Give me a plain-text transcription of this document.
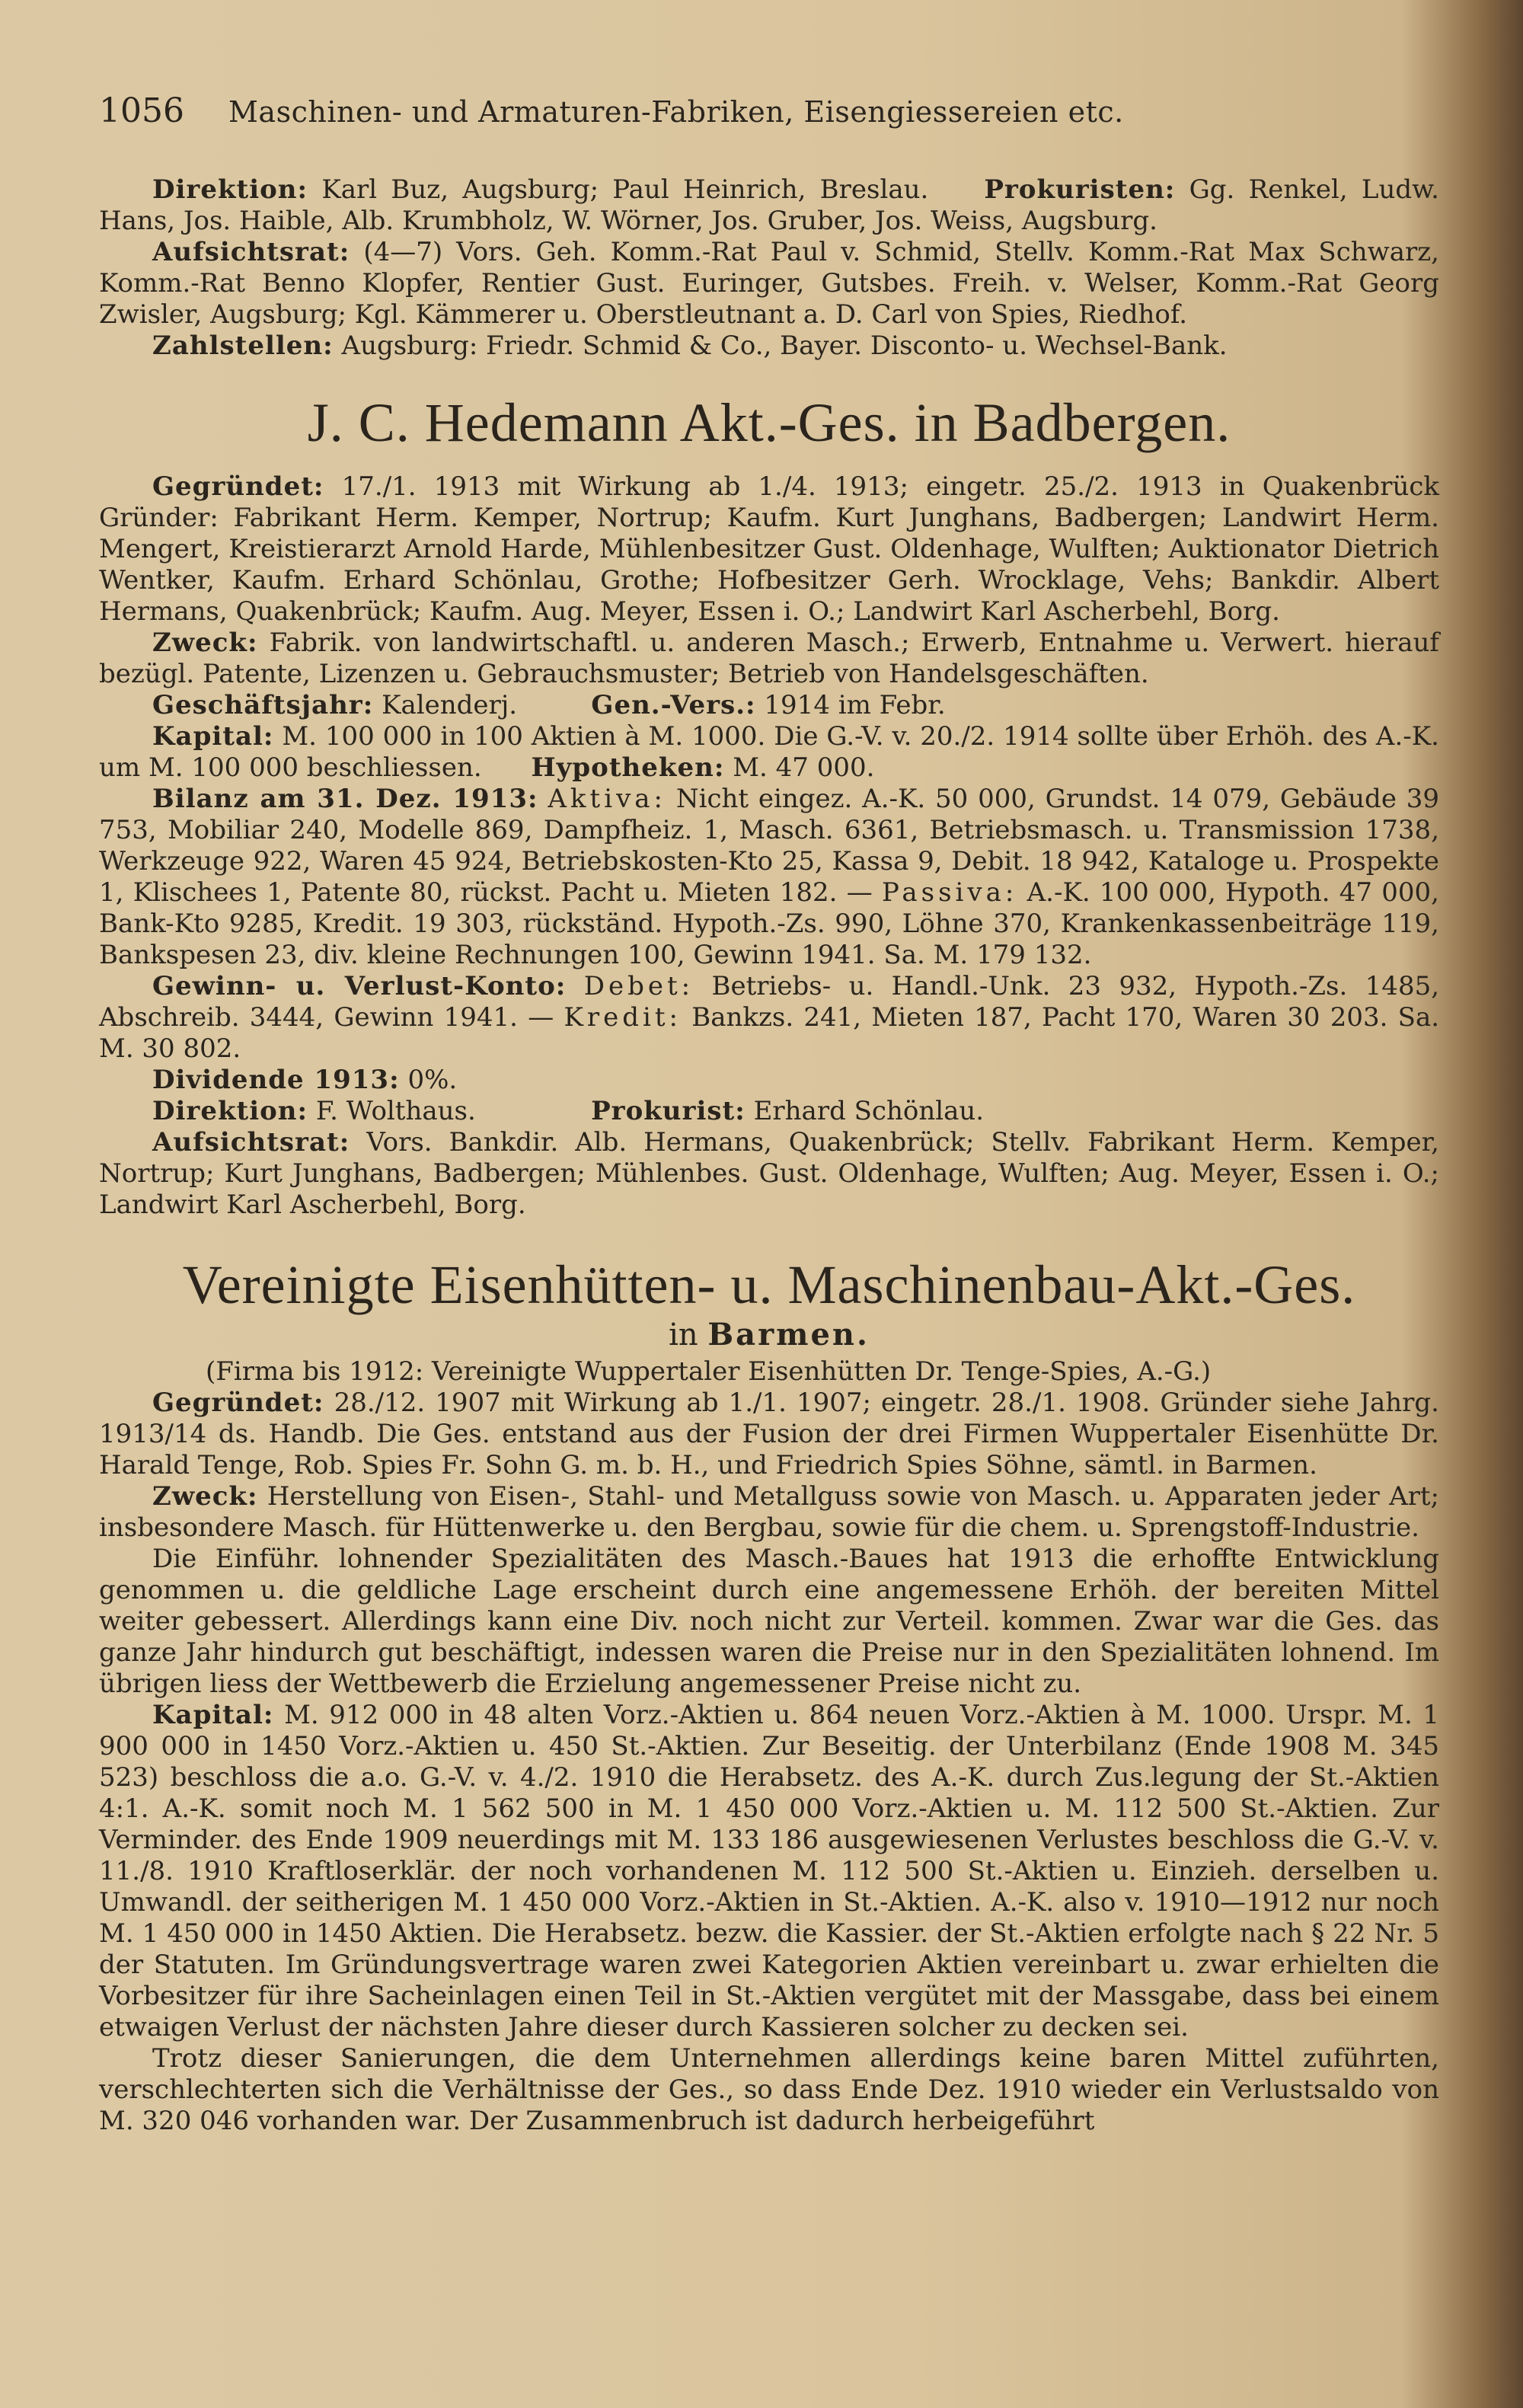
1056	Maschinen- und Armaturen-Fabriken, Eisengiessereien etc.

Direktion: Karl Buz, Augsburg; Paul Heinrich, Breslau. Prokuristen: Gg. Renkel, Ludw. Hans, Jos. Haible, Alb. Krumbholz, W. Wörner, Jos. Gruber, Jos. Weiss, Augsburg.

Aufsichtsrat: (4—7) Vors. Geh. Komm.-Rat Paul v. Schmid, Stellv. Komm.-Rat Max Schwarz, Komm.-Rat Benno Klopfer, Rentier Gust. Euringer, Gutsbes. Freih. v. Welser, Komm.-Rat Georg Zwisler, Augsburg; Kgl. Kämmerer u. Oberstleutnant a. D. Carl von Spies, Riedhof.

Zahlstellen: Augsburg: Friedr. Schmid & Co., Bayer. Disconto- u. Wechsel-Bank.

J. C. Hedemann Akt.-Ges. in Badbergen.

Gegründet: 17./1. 1913 mit Wirkung ab 1./4. 1913; eingetr. 25./2. 1913 in Quakenbrück Gründer: Fabrikant Herm. Kemper, Nortrup; Kaufm. Kurt Junghans, Badbergen; Landwirt Herm. Mengert, Kreistierarzt Arnold Harde, Mühlenbesitzer Gust. Oldenhage, Wulften; Auktionator Dietrich Wentker, Kaufm. Erhard Schönlau, Grothe; Hofbesitzer Gerh. Wrocklage, Vehs; Bankdir. Albert Hermans, Quakenbrück; Kaufm. Aug. Meyer, Essen i. O.; Landwirt Karl Ascherbehl, Borg.

Zweck: Fabrik. von landwirtschaftl. u. anderen Masch.; Erwerb, Entnahme u. Verwert. hierauf bezügl. Patente, Lizenzen u. Gebrauchsmuster; Betrieb von Handelsgeschäften.

Geschäftsjahr: Kalenderj.	Gen.-Vers.: 1914 im Febr.

Kapital: M. 100 000 in 100 Aktien à M. 1000. Die G.-V. v. 20./2. 1914 sollte über Erhöh. des A.-K. um M. 100 000 beschliessen. Hypotheken: M. 47 000.

Bilanz am 31. Dez. 1913: Aktiva: Nicht eingez. A.-K. 50 000, Grundst. 14 079, Gebäude 39 753, Mobiliar 240, Modelle 869, Dampfheiz. 1, Masch. 6361, Betriebsmasch. u. Transmission 1738, Werkzeuge 922, Waren 45 924, Betriebskosten-Kto 25, Kassa 9, Debit. 18 942, Kataloge u. Prospekte 1, Klischees 1, Patente 80, rückst. Pacht u. Mieten 182. — Passiva: A.-K. 100 000, Hypoth. 47 000, Bank-Kto 9285, Kredit. 19 303, rückständ. Hypoth.-Zs. 990, Löhne 370, Krankenkassenbeiträge 119, Bankspesen 23, div. kleine Rechnungen 100, Gewinn 1941. Sa. M. 179 132.

Gewinn- u. Verlust-Konto: Debet: Betriebs- u. Handl.-Unk. 23 932, Hypoth.-Zs. 1485, Abschreib. 3444, Gewinn 1941. — Kredit: Bankzs. 241, Mieten 187, Pacht 170, Waren 30 203. Sa. M. 30 802.

Dividende 1913: 0%.

Direktion: F. Wolthaus.	Prokurist: Erhard Schönlau.

Aufsichtsrat: Vors. Bankdir. Alb. Hermans, Quakenbrück; Stellv. Fabrikant Herm. Kemper, Nortrup; Kurt Junghans, Badbergen; Mühlenbes. Gust. Oldenhage, Wulften; Aug. Meyer, Essen i. O.; Landwirt Karl Ascherbehl, Borg.

Vereinigte Eisenhütten- u. Maschinenbau-Akt.-Ges.
in Barmen.

(Firma bis 1912: Vereinigte Wuppertaler Eisenhütten Dr. Tenge-Spies, A.-G.)

Gegründet: 28./12. 1907 mit Wirkung ab 1./1. 1907; eingetr. 28./1. 1908. Gründer siehe Jahrg. 1913/14 ds. Handb. Die Ges. entstand aus der Fusion der drei Firmen Wuppertaler Eisenhütte Dr. Harald Tenge, Rob. Spies Fr. Sohn G. m. b. H., und Friedrich Spies Söhne, sämtl. in Barmen.

Zweck: Herstellung von Eisen-, Stahl- und Metallguss sowie von Masch. u. Apparaten jeder Art; insbesondere Masch. für Hüttenwerke u. den Bergbau, sowie für die chem. u. Sprengstoff-Industrie.

Die Einführ. lohnender Spezialitäten des Masch.-Baues hat 1913 die erhoffte Entwicklung genommen u. die geldliche Lage erscheint durch eine angemessene Erhöh. der bereiten Mittel weiter gebessert. Allerdings kann eine Div. noch nicht zur Verteil. kommen. Zwar war die Ges. das ganze Jahr hindurch gut beschäftigt, indessen waren die Preise nur in den Spezialitäten lohnend. Im übrigen liess der Wettbewerb die Erzielung angemessener Preise nicht zu.

Kapital: M. 912 000 in 48 alten Vorz.-Aktien u. 864 neuen Vorz.-Aktien à M. 1000. Urspr. M. 1 900 000 in 1450 Vorz.-Aktien u. 450 St.-Aktien. Zur Beseitig. der Unterbilanz (Ende 1908 M. 345 523) beschloss die a.o. G.-V. v. 4./2. 1910 die Herabsetz. des A.-K. durch Zus.legung der St.-Aktien 4:1. A.-K. somit noch M. 1 562 500 in M. 1 450 000 Vorz.-Aktien u. M. 112 500 St.-Aktien. Zur Verminder. des Ende 1909 neuerdings mit M. 133 186 ausgewiesenen Verlustes beschloss die G.-V. v. 11./8. 1910 Kraftloserklär. der noch vorhandenen M. 112 500 St.-Aktien u. Einzieh. derselben u. Umwandl. der seitherigen M. 1 450 000 Vorz.-Aktien in St.-Aktien. A.-K. also v. 1910—1912 nur noch M. 1 450 000 in 1450 Aktien. Die Herabsetz. bezw. die Kassier. der St.-Aktien erfolgte nach § 22 Nr. 5 der Statuten. Im Gründungsvertrage waren zwei Kategorien Aktien vereinbart u. zwar erhielten die Vorbesitzer für ihre Sacheinlagen einen Teil in St.-Aktien vergütet mit der Massgabe, dass bei einem etwaigen Verlust der nächsten Jahre dieser durch Kassieren solcher zu decken sei.

Trotz dieser Sanierungen, die dem Unternehmen allerdings keine baren Mittel zuführten, verschlechterten sich die Verhältnisse der Ges., so dass Ende Dez. 1910 wieder ein Verlustsaldo von M. 320 046 vorhanden war. Der Zusammenbruch ist dadurch herbeigeführt
